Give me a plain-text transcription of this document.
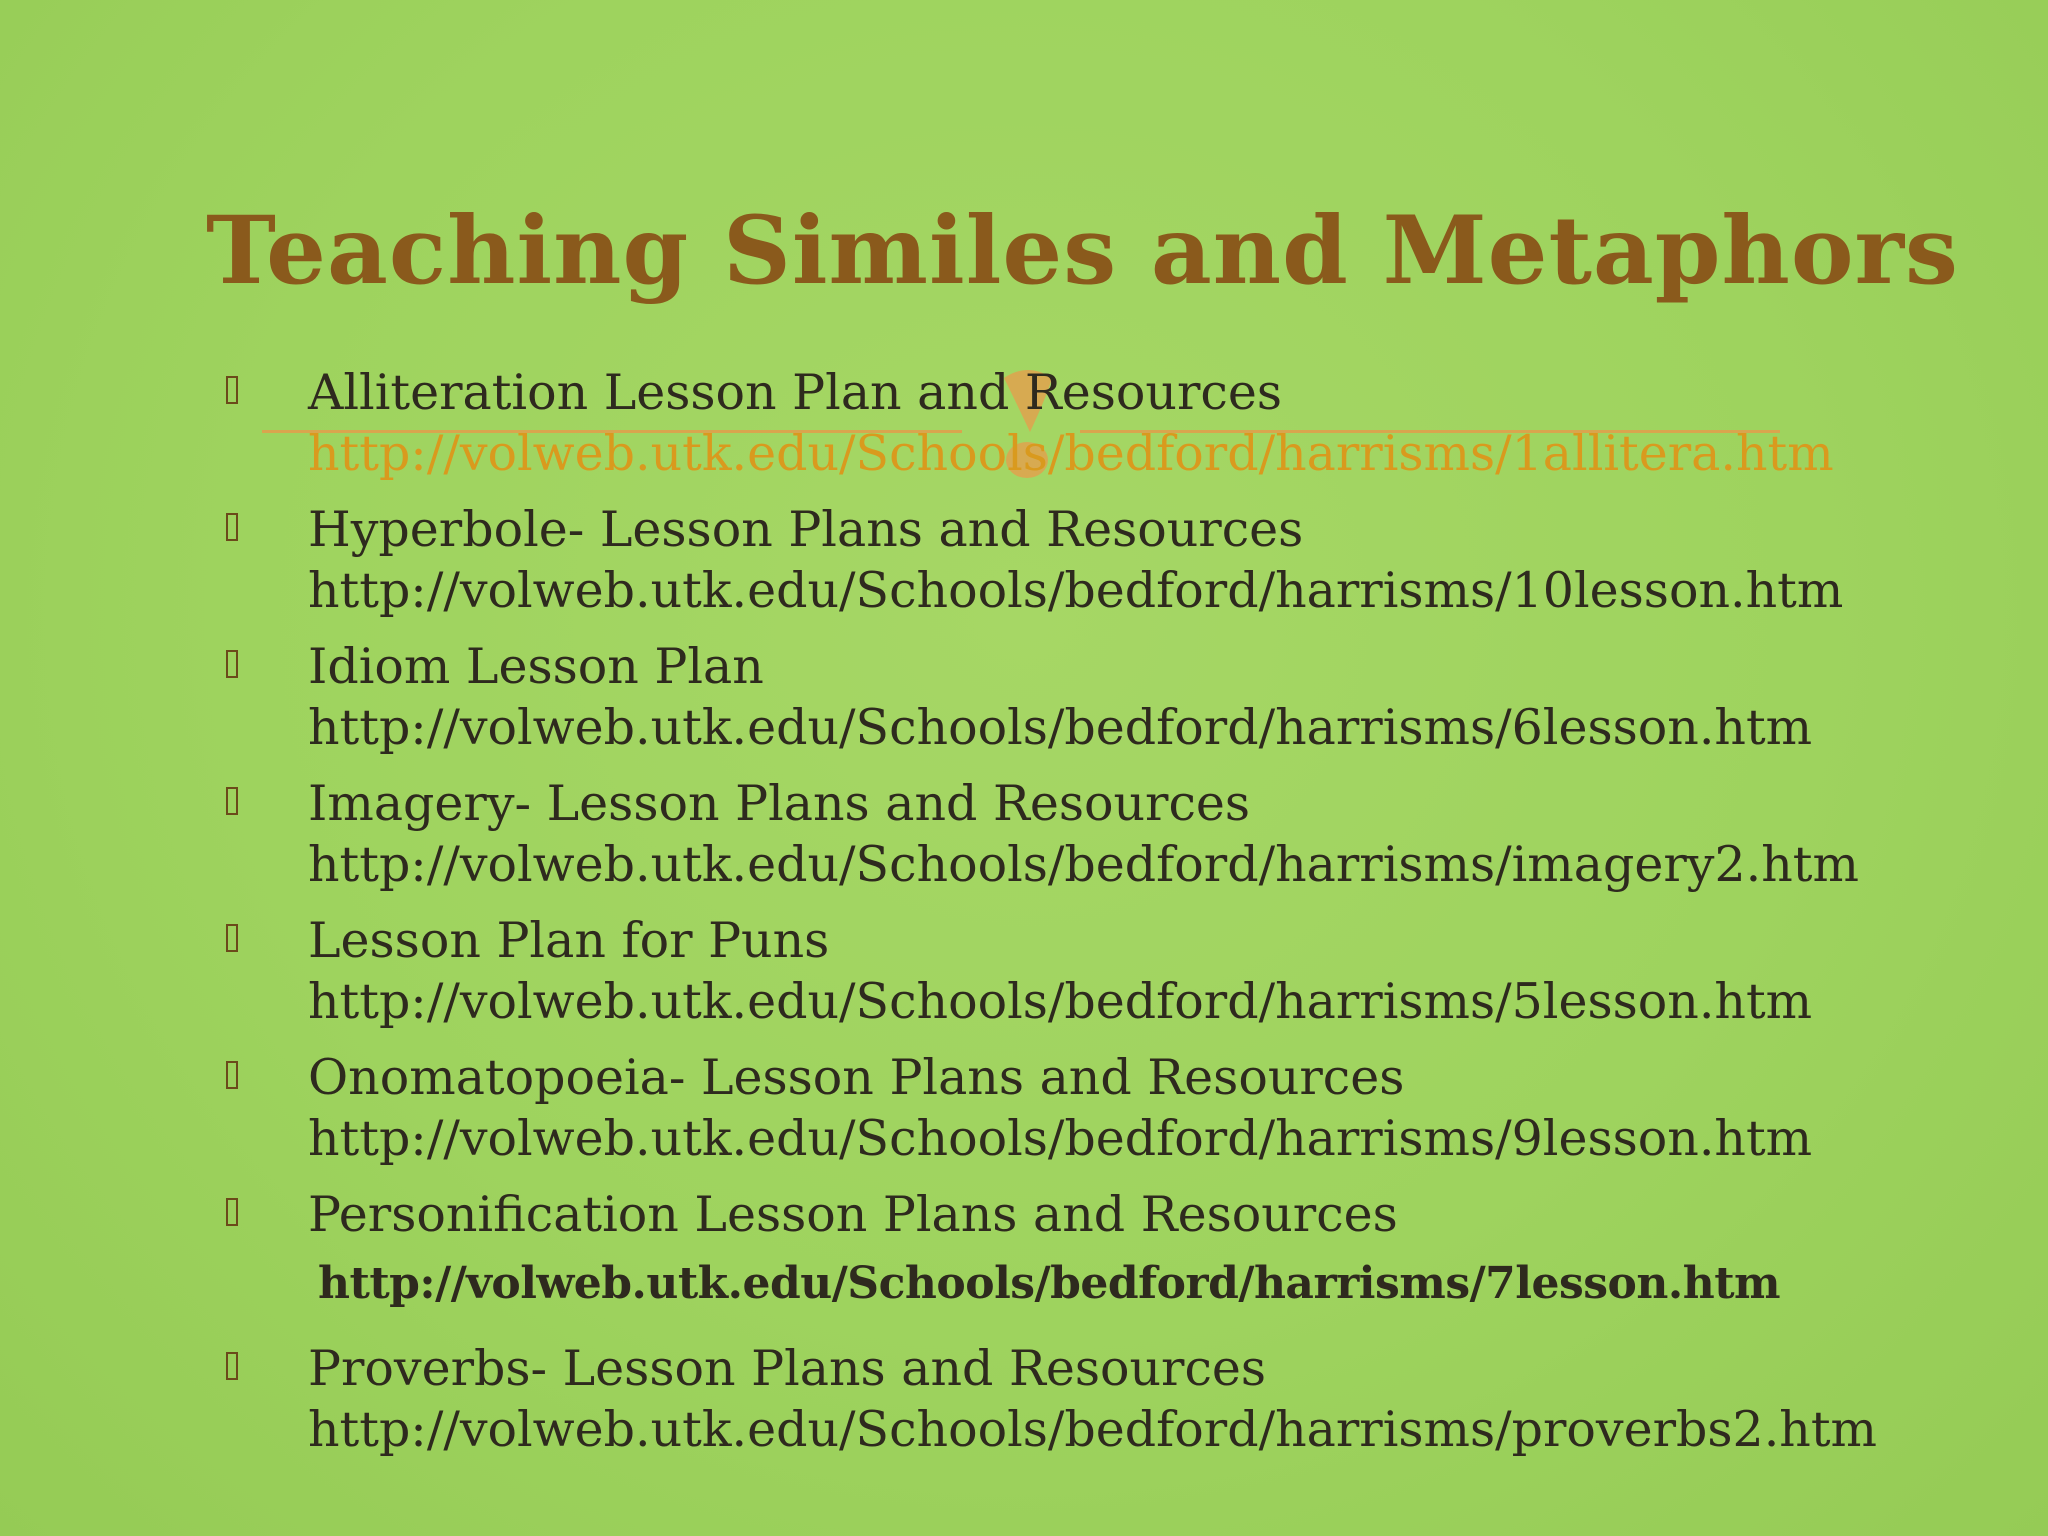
Teaching Similes and Metaphors
Alliteration Lesson Plan and Resources
http://volweb.utk.edu/Schools/bedford/harrisms/1allitera.htm
Hyperbole- Lesson Plans and Resources
http://volweb.utk.edu/Schools/bedford/harrisms/10lesson.htm
Idiom Lesson Plan
http://volweb.utk.edu/Schools/bedford/harrisms/6lesson.htm
Imagery- Lesson Plans and Resources
http://volweb.utk.edu/Schools/bedford/harrisms/imagery2.htm
Lesson Plan for Puns
http://volweb.utk.edu/Schools/bedford/harrisms/5lesson.htm
Onomatopoeia- Lesson Plans and Resources
http://volweb.utk.edu/Schools/bedford/harrisms/9lesson.htm
Personification Lesson Plans and Resources
http://volweb.utk.edu/Schools/bedford/harrisms/7lesson.htm
Proverbs- Lesson Plans and Resources
http://volweb.utk.edu/Schools/bedford/harrisms/proverbs2.htm
